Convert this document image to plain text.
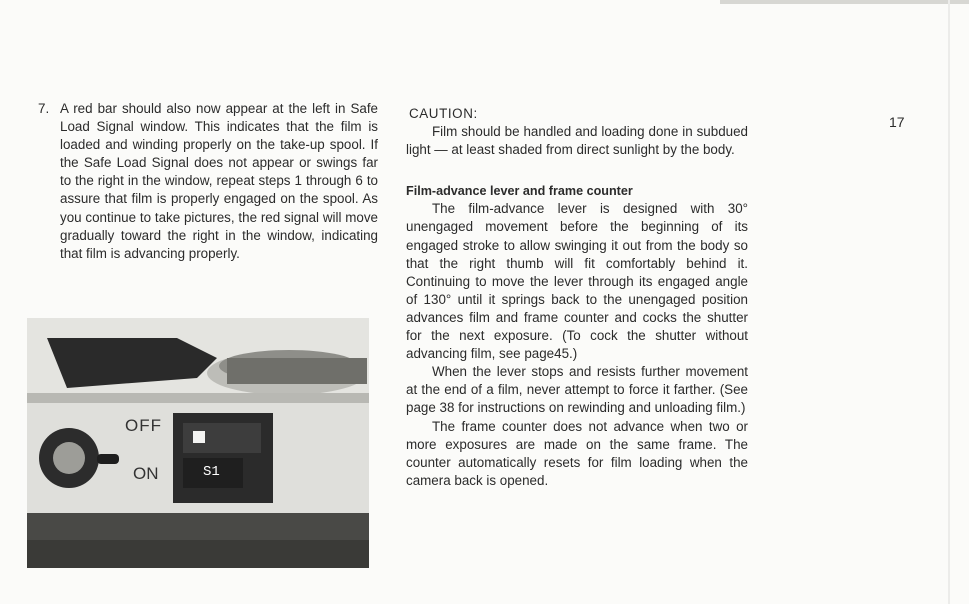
7. A red bar should also now appear at the left in Safe Load Signal window. This indicates that the film is loaded and winding properly on the take-up spool. If the Safe Load Signal does not appear or swings far to the right in the window, repeat steps 1 through 6 to assure that film is properly engaged on the spool. As you continue to take pictures, the red signal will move gradually toward the right in the window, indicating that film is advancing properly.
OFF
ON	S1
CAUTION:
Film should be handled and loading done in subdued light — at least shaded from direct sunlight by the body.
Film-advance lever and frame counter
The film-advance lever is designed with 30° unengaged movement before the beginning of its engaged stroke to allow swinging it out from the body so that the right thumb will fit comfortably behind it. Continuing to move the lever through its engaged angle of 130° until it springs back to the unengaged position advances film and frame counter and cocks the shutter for the next exposure. (To cock the shutter without advancing film, see page45.)
When the lever stops and resists further movement at the end of a film, never attempt to force it farther. (See page 38 for instructions on rewinding and unloading film.)
The frame counter does not advance when two or more exposures are made on the same frame. The counter automatically resets for film loading when the camera back is opened.
17
